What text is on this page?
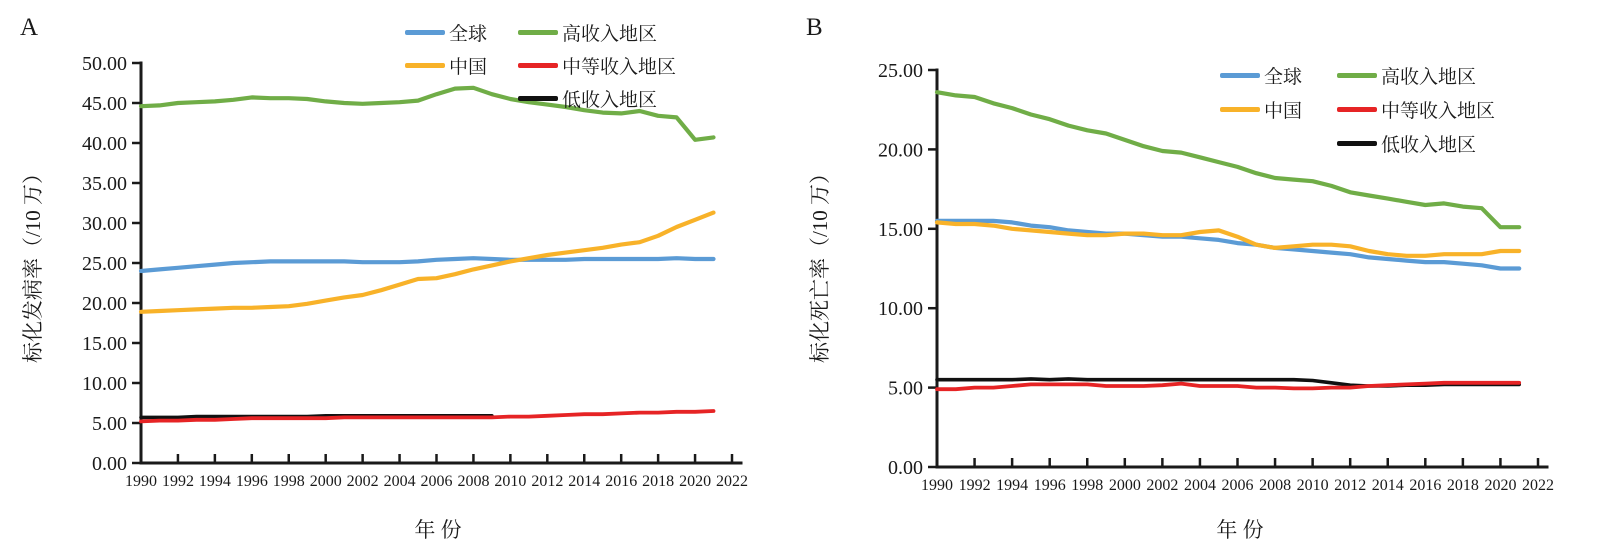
0.00
5.00
10.00
15.00
20.00
25.00
30.00
35.00
40.00
45.00
50.00
1990 1992 1994 1996 1998 2000 2002 2004 2006 2008 2010 2012 2014 2016 2018 2020 2022
0.00
5.00
10.00
15.00
20.00
25.00
1990 1992 1994 1996 1998 2000 2002 2004 2006 2008 2010 2012 2014 2016 2018 2020 2022
A	B
标化发病率（/10 万）	标化死亡率（/10 万）
年 份	年 份
全球
中国
高收入地区
中等收入地区
低收入地区
全球
中国
高收入地区
中等收入地区
低收入地区
